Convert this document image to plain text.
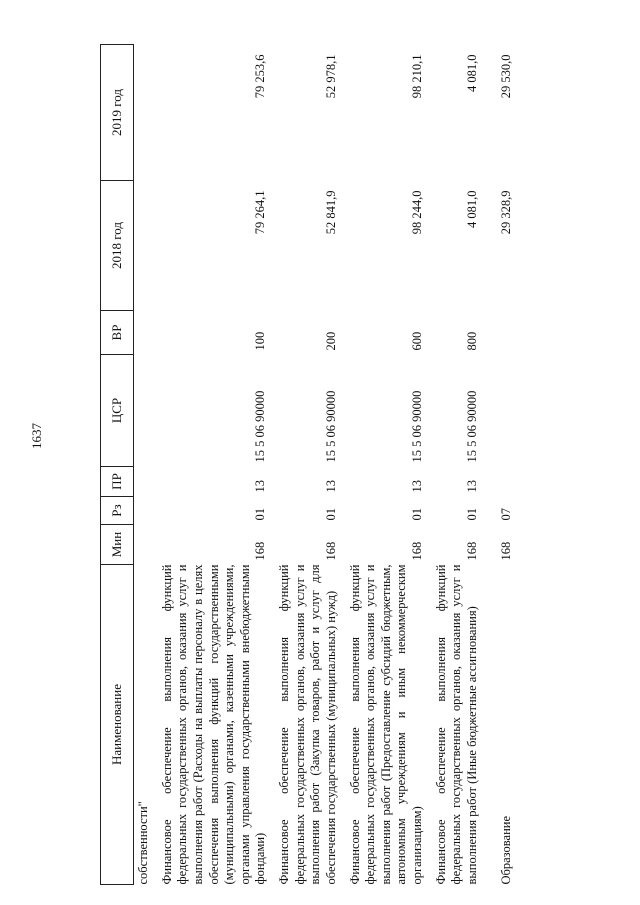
1637
Наименование	Мин	Рз	ПР	ЦСР	ВР	2018 год	2019 год
собственности"							
Финансовое обеспечение выполнения функций федеральных государственных органов, оказания услуг и выполнения работ (Расходы на выплаты персоналу в целях обеспечения выполнения функций государственными (муниципальными) органами, казенными учреждениями, органами управления государственными внебюджетными фондами)	168	01	13	15 5 06 90000	100	79 264,1	79 253,6
Финансовое обеспечение выполнения функций федеральных государственных органов, оказания услуг и выполнения работ (Закупка товаров, работ и услуг для обеспечения государственных (муниципальных) нужд)	168	01	13	15 5 06 90000	200	52 841,9	52 978,1
Финансовое обеспечение выполнения функций федеральных государственных органов, оказания услуг и выполнения работ (Предоставление субсидий бюджетным, автономным учреждениям и иным некоммерческим организациям)	168	01	13	15 5 06 90000	600	98 244,0	98 210,1
Финансовое обеспечение выполнения функций федеральных государственных органов, оказания услуг и выполнения работ (Иные бюджетные ассигнования)	168	01	13	15 5 06 90000	800	4 081,0	4 081,0

Образование	168	07				29 328,9	29 530,0
